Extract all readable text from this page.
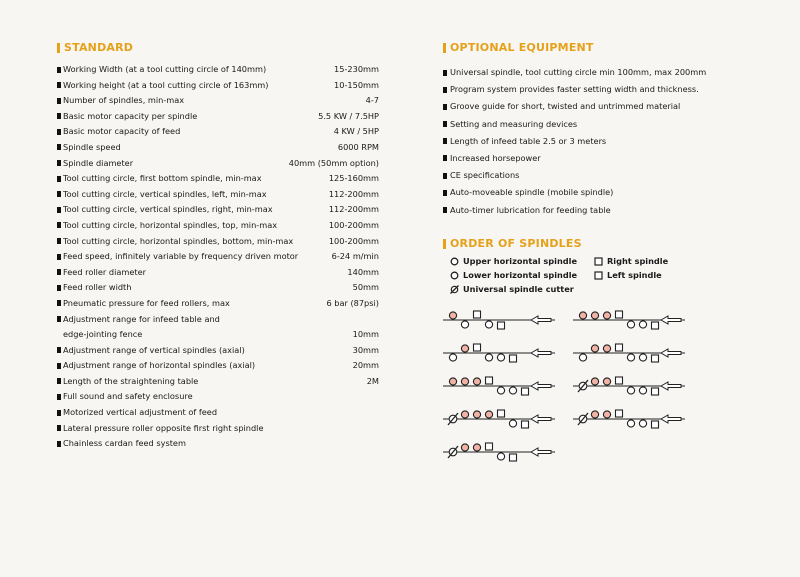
STANDARD
Working Width (at a tool cutting circle of 140mm)	15-230mm
Working height (at a tool cutting circle of 163mm)	10-150mm
Number of spindles, min-max	4-7
Basic motor capacity per spindle	5.5 KW / 7.5HP
Basic motor capacity of feed	4 KW / 5HP
Spindle speed	6000 RPM
Spindle diameter	40mm (50mm option)
Tool cutting circle, first bottom spindle, min-max	125-160mm
Tool cutting circle, vertical spindles, left, min-max	112-200mm
Tool cutting circle, vertical spindles, right, min-max	112-200mm
Tool cutting circle, horizontal spindles, top, min-max	100-200mm
Tool cutting circle, horizontal spindles, bottom, min-max	100-200mm
Feed speed, infinitely variable by frequency driven motor	6-24 m/min
Feed roller diameter	140mm
Feed roller width	50mm
Pneumatic pressure for feed rollers, max	6 bar (87psi)
Adjustment range for infeed table and
edge-jointing fence	10mm
Adjustment range of vertical spindles (axial)	30mm
Adjustment range of horizontal spindles (axial)	20mm
Length of the straightening table	2M
Full sound and safety enclosure
Motorized vertical adjustment of feed
Lateral pressure roller opposite first right spindle
Chainless cardan feed system
OPTIONAL EQUIPMENT
Universal spindle, tool cutting circle min 100mm, max 200mm
Program system provides faster setting width and thickness.
Groove guide for short, twisted and untrimmed material
Setting and measuring devices
Length of infeed table 2.5 or 3 meters
Increased horsepower
CE specifications
Auto-moveable spindle (mobile spindle)
Auto-timer lubrication for feeding table
ORDER OF SPINDLES
Upper horizontal spindle	Right spindle
Lower horizontal spindle	Left spindle
Universal spindle cutter
